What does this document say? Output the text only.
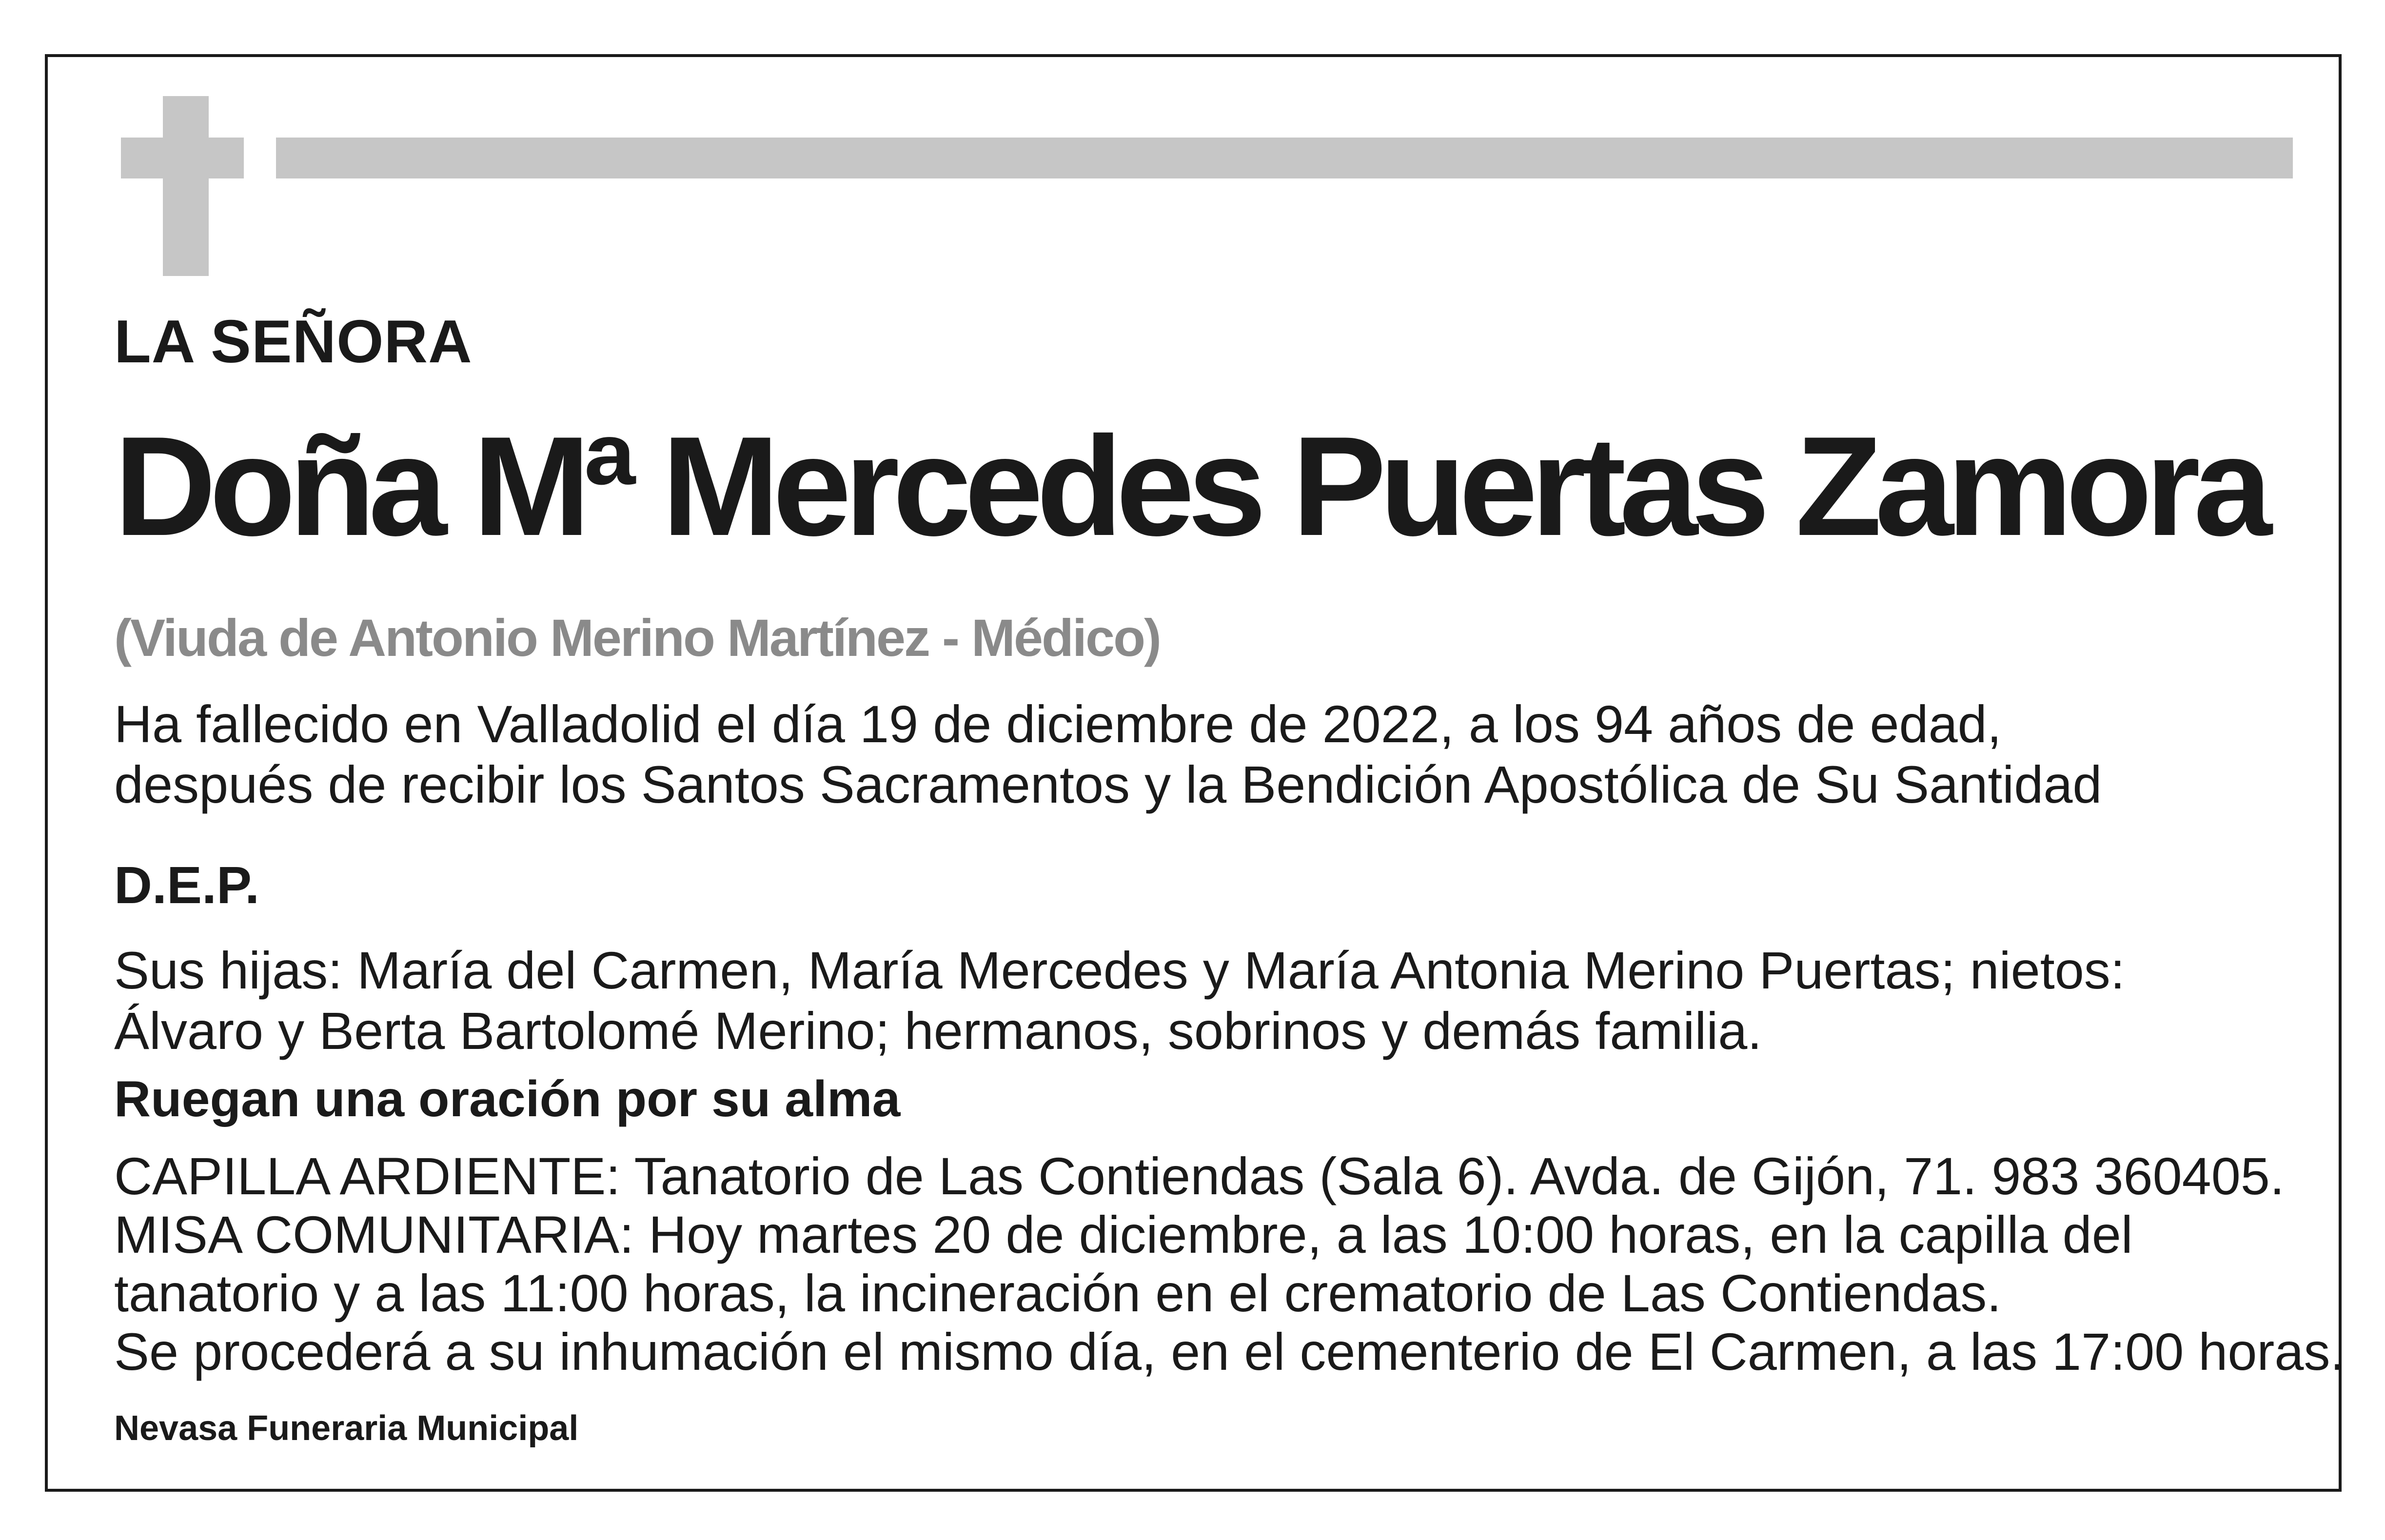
LA SEÑORA

Doña Mª Mercedes Puertas Zamora

(Viuda de Antonio Merino Martínez - Médico)

Ha fallecido en Valladolid el día 19 de diciembre de 2022, a los 94 años de edad,

después de recibir los Santos Sacramentos y la Bendición Apostólica de Su Santidad

D.E.P.

Sus hijas: María del Carmen, María Mercedes y María Antonia Merino Puertas; nietos:

Álvaro y Berta Bartolomé Merino; hermanos, sobrinos y demás familia.

Ruegan una oración por su alma

CAPILLA ARDIENTE: Tanatorio de Las Contiendas (Sala 6). Avda. de Gijón, 71. 983 360405.

MISA COMUNITARIA: Hoy martes 20 de diciembre, a las 10:00 horas, en la capilla del

tanatorio y a las 11:00 horas, la incineración en el crematorio de Las Contiendas.

Se procederá a su inhumación el mismo día, en el cementerio de El Carmen, a las 17:00 horas.

Nevasa Funeraria Municipal
